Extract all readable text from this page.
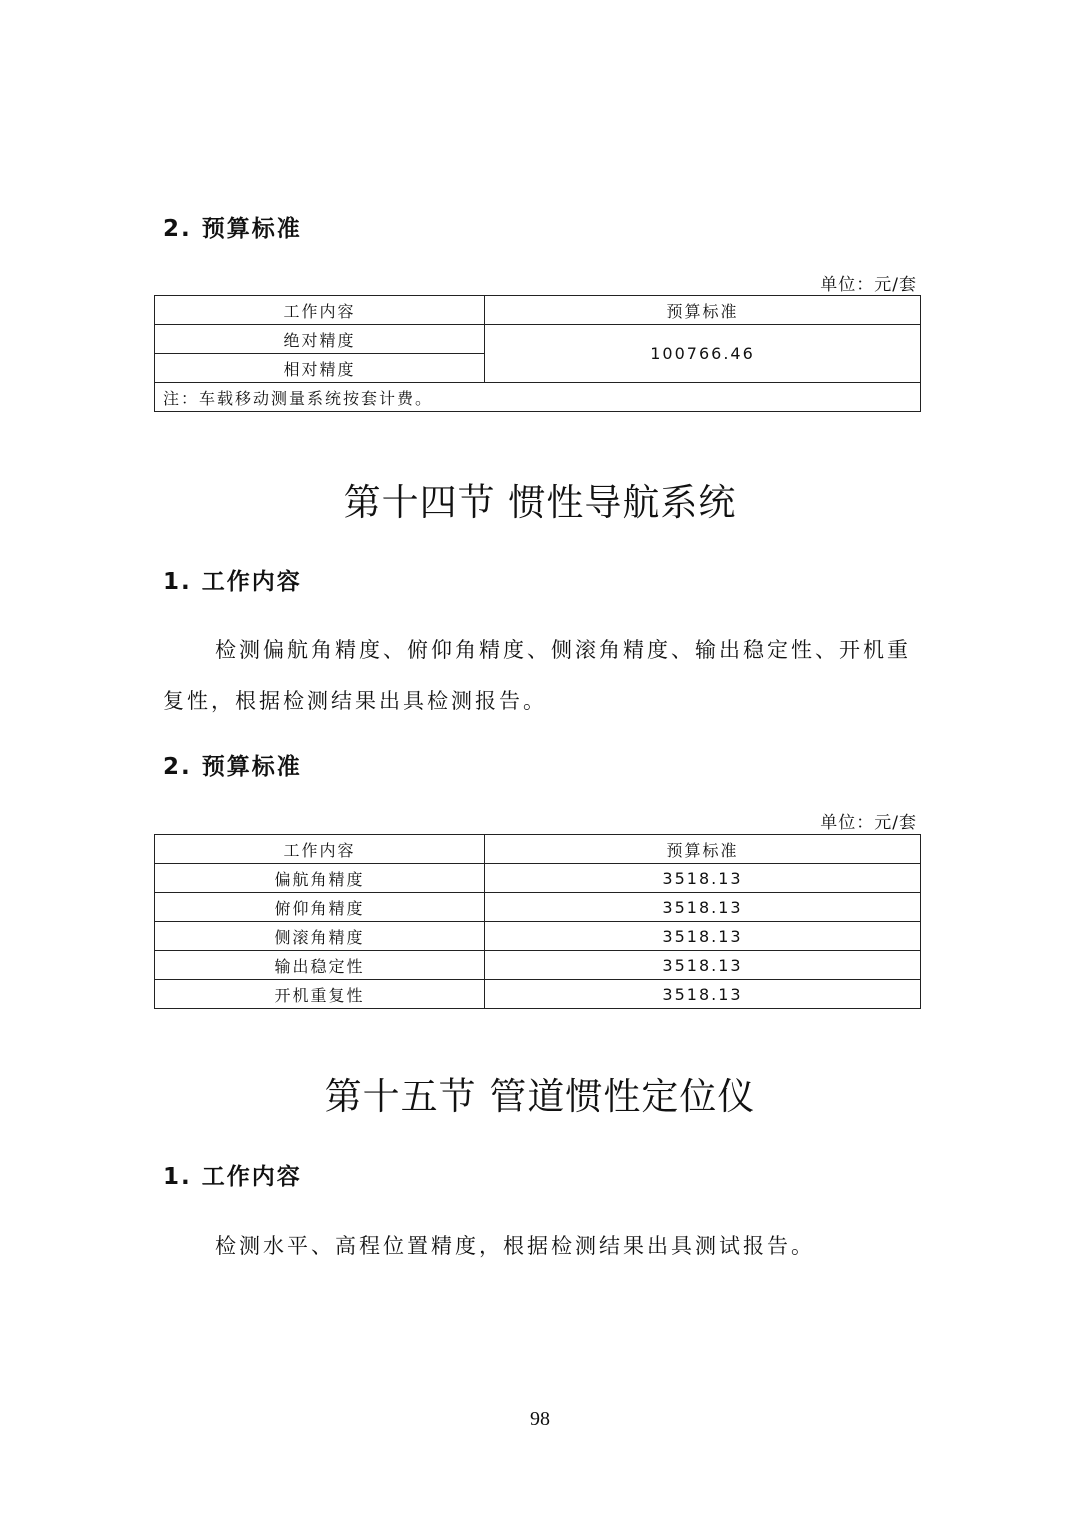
2. 预算标准
单位：元/套
工作内容	预算标准
绝对精度	100766.46
相对精度	
注：车载移动测量系统按套计费。	
第十四节 惯性导航系统
1. 工作内容

检测偏航角精度、俯仰角精度、侧滚角精度、输出稳定性、开机重复性，根据检测结果出具检测报告。

2. 预算标准
单位：元/套
工作内容	预算标准
偏航角精度	3518.13
俯仰角精度	3518.13
侧滚角精度	3518.13
输出稳定性	3518.13
开机重复性	3518.13
第十五节 管道惯性定位仪
1. 工作内容

检测水平、高程位置精度，根据检测结果出具测试报告。

98
